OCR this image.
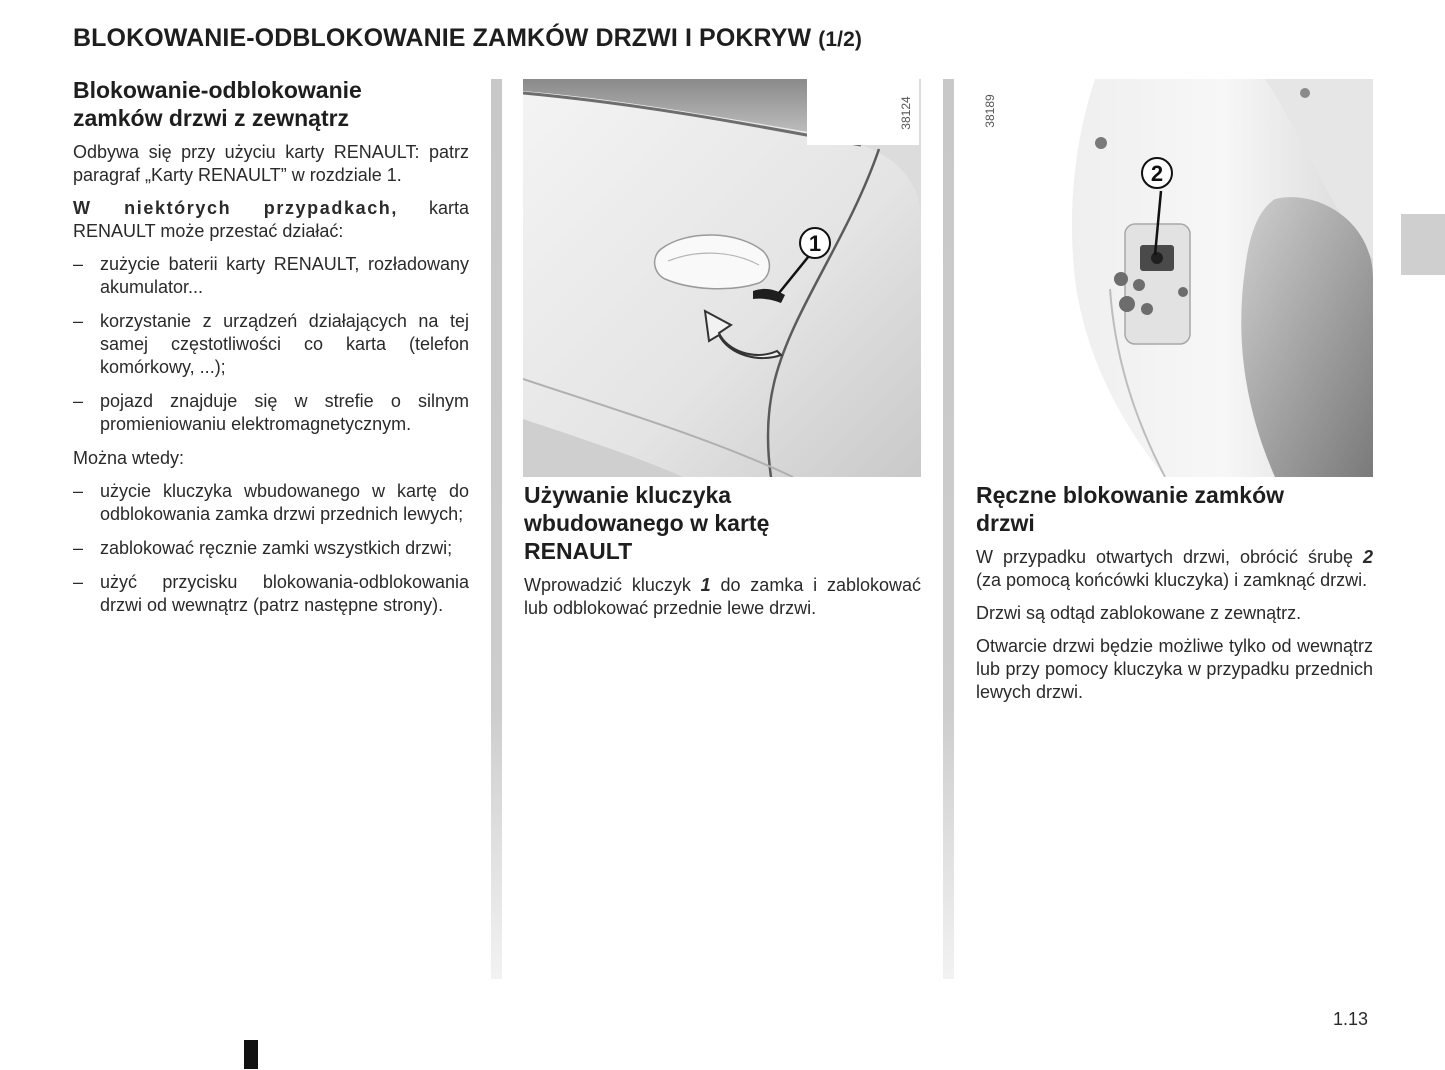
BLOKOWANIE-ODBLOKOWANIE ZAMKÓW DRZWI I POKRYW (1/2)
Blokowanie-odblokowanie
zamków drzwi z zewnątrz

Odbywa się przy użyciu karty RENAULT: patrz paragraf „Karty RENAULT” w rozdziale 1.

W niektórych przypadkach, karta RENAULT może przestać działać:

– zużycie baterii karty RENAULT, rozładowany akumulator...
– korzystanie z urządzeń działających na tej samej częstotliwości co karta (telefon komórkowy, ...);
– pojazd znajduje się w strefie o silnym promieniowaniu elektromagnetycznym.

Można wtedy:

– użycie kluczyka wbudowanego w kartę do odblokowania zamka drzwi przednich lewych;
– zablokować ręcznie zamki wszystkich drzwi;
– użyć przycisku blokowania-odblokowania drzwi od wewnątrz (patrz następne strony).
38124
1
2
38189
Używanie kluczyka
wbudowanego w kartę
RENAULT

Wprowadzić kluczyk 1 do zamka i zablokować lub odblokować przednie lewe drzwi.

Ręczne blokowanie zamków
drzwi

W przypadku otwartych drzwi, obrócić śrubę 2 (za pomocą końcówki kluczyka) i zamknąć drzwi.

Drzwi są odtąd zablokowane z zewnątrz.

Otwarcie drzwi będzie możliwe tylko od wewnątrz lub przy pomocy kluczyka w przypadku przednich lewych drzwi.

1.13
